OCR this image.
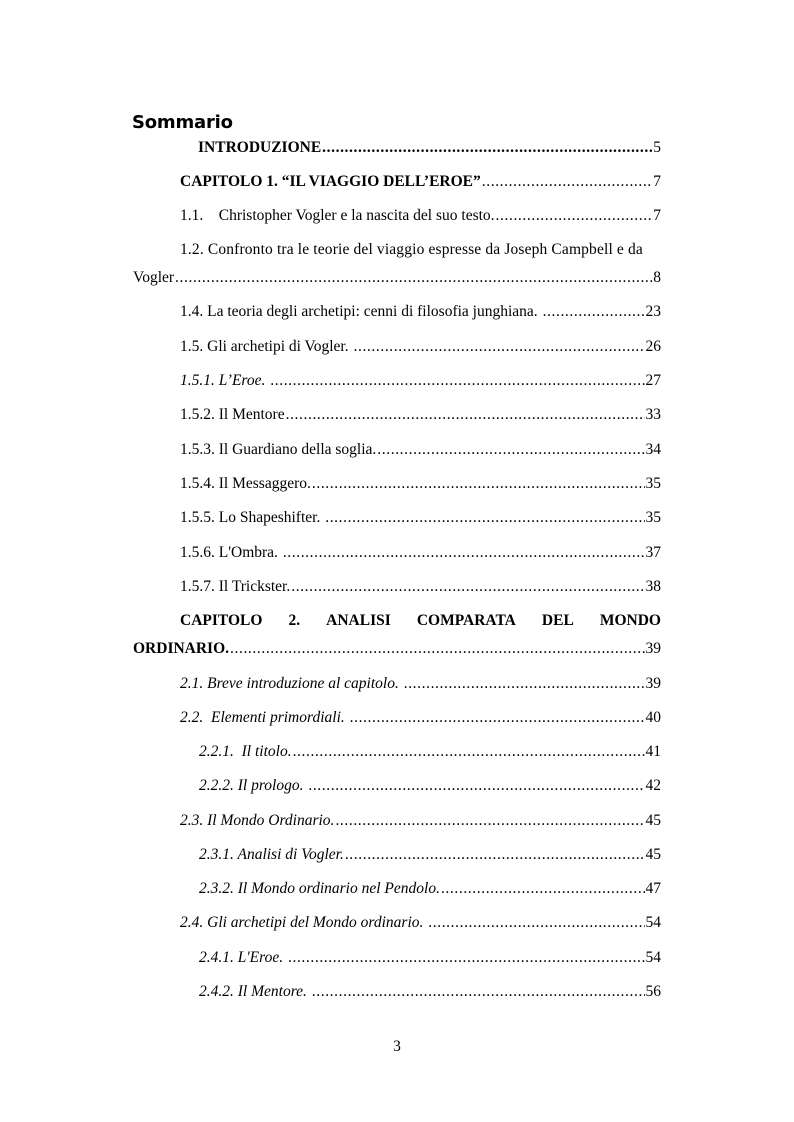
Sommario
INTRODUZIONE .....	5
CAPITOLO 1. “IL VIAGGIO DELL’EROE” .....	7
1.1.    Christopher Vogler e la nascita del suo testo. .....	7
1.2. Confronto tra le teorie del viaggio espresse da Joseph Campbell e da
Vogler .....	8
1.4. La teoria degli archetipi: cenni di filosofia junghiana. .....	23
1.5. Gli archetipi di Vogler. .....	26
1.5.1. L’Eroe. .....	27
1.5.2. Il Mentore .....	33
1.5.3. Il Guardiano della soglia. .....	34
1.5.4. Il Messaggero. .....	35
1.5.5. Lo Shapeshifter. .....	35
1.5.6. L'Ombra. .....	37
1.5.7. Il Trickster. .....	38
CAPITOLO 2. ANALISI COMPARATA DEL MONDO
ORDINARIO. .....	39
2.1. Breve introduzione al capitolo. .....	39
2.2.  Elementi primordiali. .....	40
2.2.1.  Il titolo. .....	41
2.2.2. Il prologo. .....	42
2.3. Il Mondo Ordinario. .....	45
2.3.1. Analisi di Vogler. .....	45
2.3.2. Il Mondo ordinario nel Pendolo. .....	47
2.4. Gli archetipi del Mondo ordinario. .....	54
2.4.1. L'Eroe. .....	54
2.4.2. Il Mentore. .....	56
3
